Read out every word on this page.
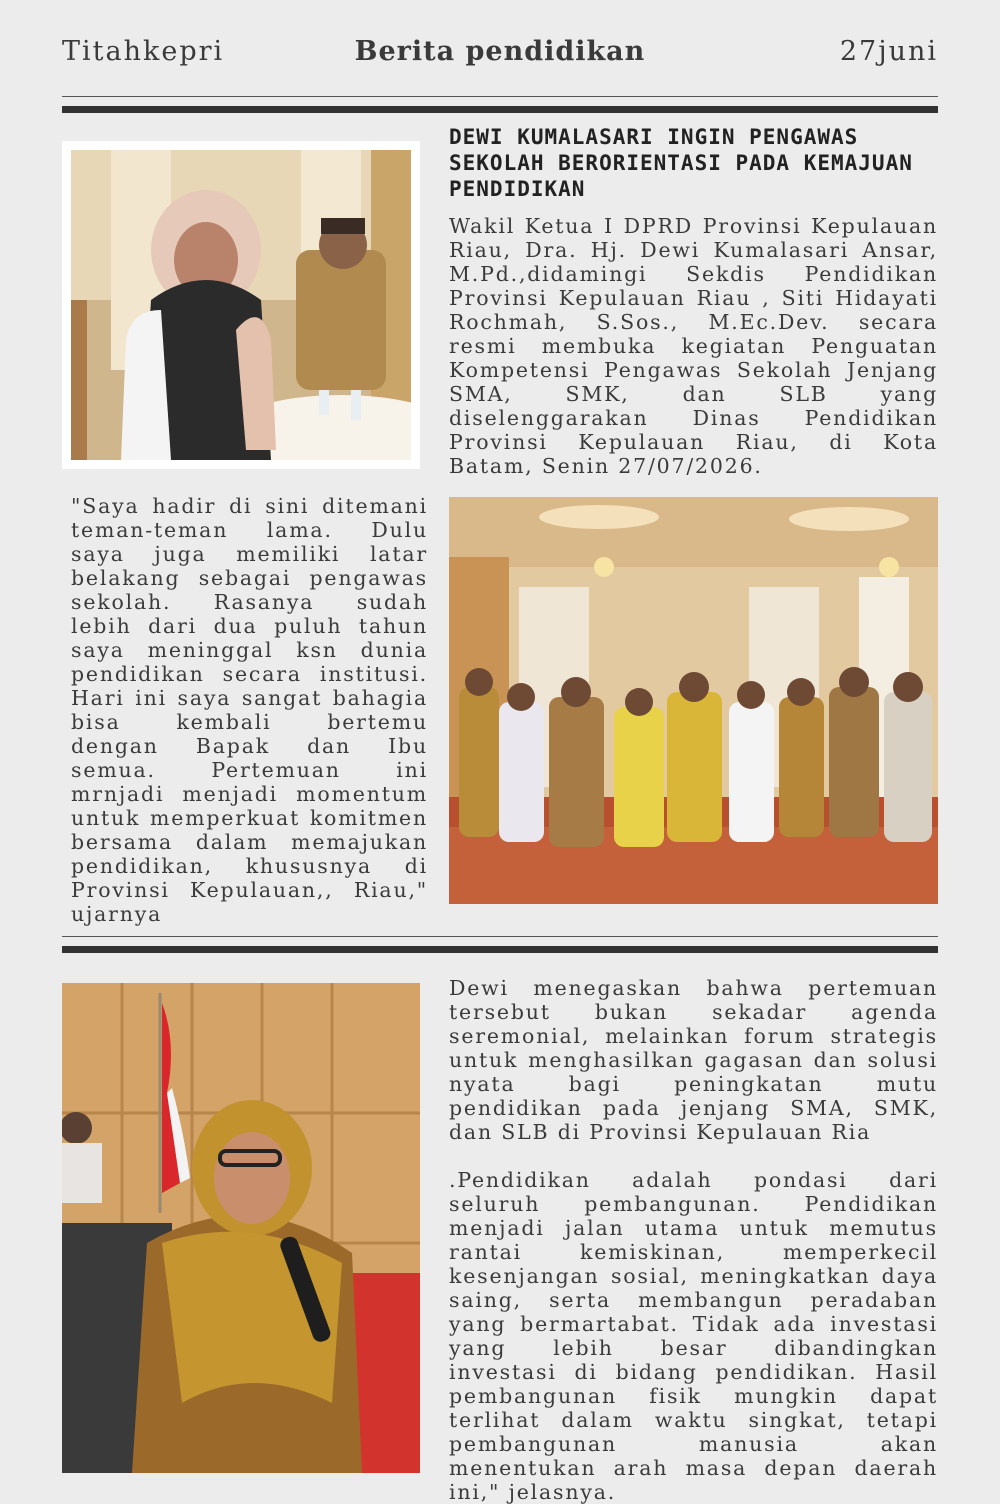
Titahkepri	Berita pendidikan	27juni
DEWI KUMALASARI INGIN PENGAWAS SEKOLAH BERORIENTASI PADA KEMAJUAN PENDIDIKAN

Wakil Ketua I DPRD Provinsi Kepulauan Riau, Dra. Hj. Dewi Kumalasari Ansar, M.Pd.,didamingi Sekdis Pendidikan Provinsi Kepulauan Riau , Siti Hidayati Rochmah, S.Sos., M.Ec.Dev. secara resmi membuka kegiatan Penguatan Kompetensi Pengawas Sekolah Jenjang SMA, SMK, dan SLB yang diselenggarakan Dinas Pendidikan Provinsi Kepulauan Riau, di Kota Batam, Senin 27/07/2026.

"Saya hadir di sini ditemani teman-teman lama. Dulu saya juga memiliki latar belakang sebagai pengawas sekolah. Rasanya sudah lebih dari dua puluh tahun saya meninggal ksn dunia pendidikan secara institusi. Hari ini saya sangat bahagia bisa kembali bertemu dengan Bapak dan Ibu semua. Pertemuan ini mrnjadi menjadi momentum untuk memperkuat komitmen bersama dalam memajukan pendidikan, khususnya di Provinsi Kepulauan,, Riau," ujarnya

Dewi menegaskan bahwa pertemuan tersebut bukan sekadar agenda seremonial, melainkan forum strategis untuk menghasilkan gagasan dan solusi nyata bagi peningkatan mutu pendidikan pada jenjang SMA, SMK, dan SLB di Provinsi Kepulauan Ria

.Pendidikan adalah pondasi dari seluruh pembangunan. Pendidikan menjadi jalan utama untuk memutus rantai kemiskinan, memperkecil kesenjangan sosial, meningkatkan daya saing, serta membangun peradaban yang bermartabat. Tidak ada investasi yang lebih besar dibandingkan investasi di bidang pendidikan. Hasil pembangunan fisik mungkin dapat terlihat dalam waktu singkat, tetapi pembangunan manusia akan menentukan arah masa depan daerah ini," jelasnya.
